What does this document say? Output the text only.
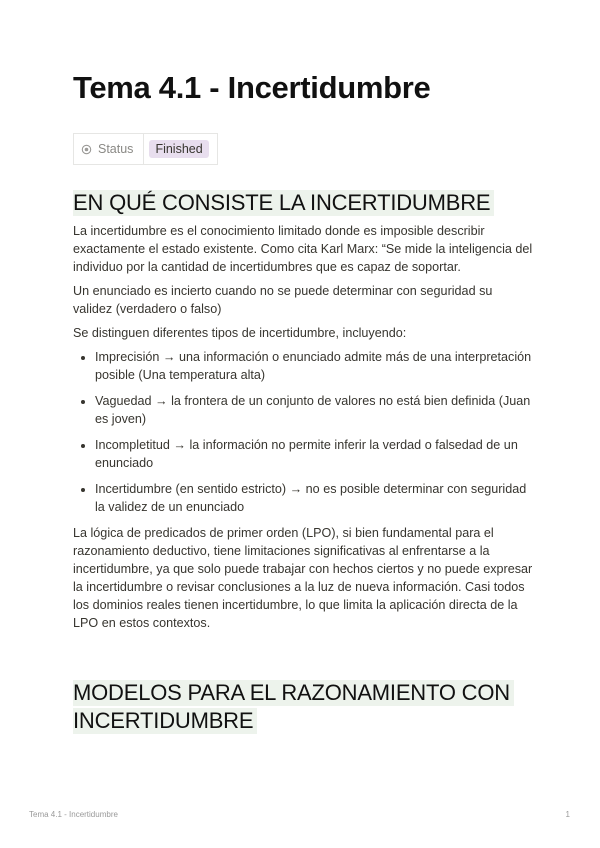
Tema 4.1 - Incertidumbre
Status	Finished
EN QUÉ CONSISTE LA INCERTIDUMBRE

La incertidumbre es el conocimiento limitado donde es imposible describir exactamente el estado existente. Como cita Karl Marx: “Se mide la inteligencia del individuo por la cantidad de incertidumbres que es capaz de soportar.

Un enunciado es incierto cuando no se puede determinar con seguridad su validez (verdadero o falso)

Se distinguen diferentes tipos de incertidumbre, incluyendo:

• Imprecisión → una información o enunciado admite más de una interpretación posible (Una temperatura alta)
• Vaguedad → la frontera de un conjunto de valores no está bien definida (Juan es joven)
• Incompletitud → la información no permite inferir la verdad o falsedad de un enunciado
• Incertidumbre (en sentido estricto) → no es posible determinar con seguridad la validez de un enunciado

La lógica de predicados de primer orden (LPO), si bien fundamental para el razonamiento deductivo, tiene limitaciones significativas al enfrentarse a la incertidumbre, ya que solo puede trabajar con hechos ciertos y no puede expresar la incertidumbre o revisar conclusiones a la luz de nueva información. Casi todos los dominios reales tienen incertidumbre, lo que limita la aplicación directa de la LPO en estos contextos.

MODELOS PARA EL RAZONAMIENTO CON INCERTIDUMBRE
Tema 4.1 - Incertidumbre	1
